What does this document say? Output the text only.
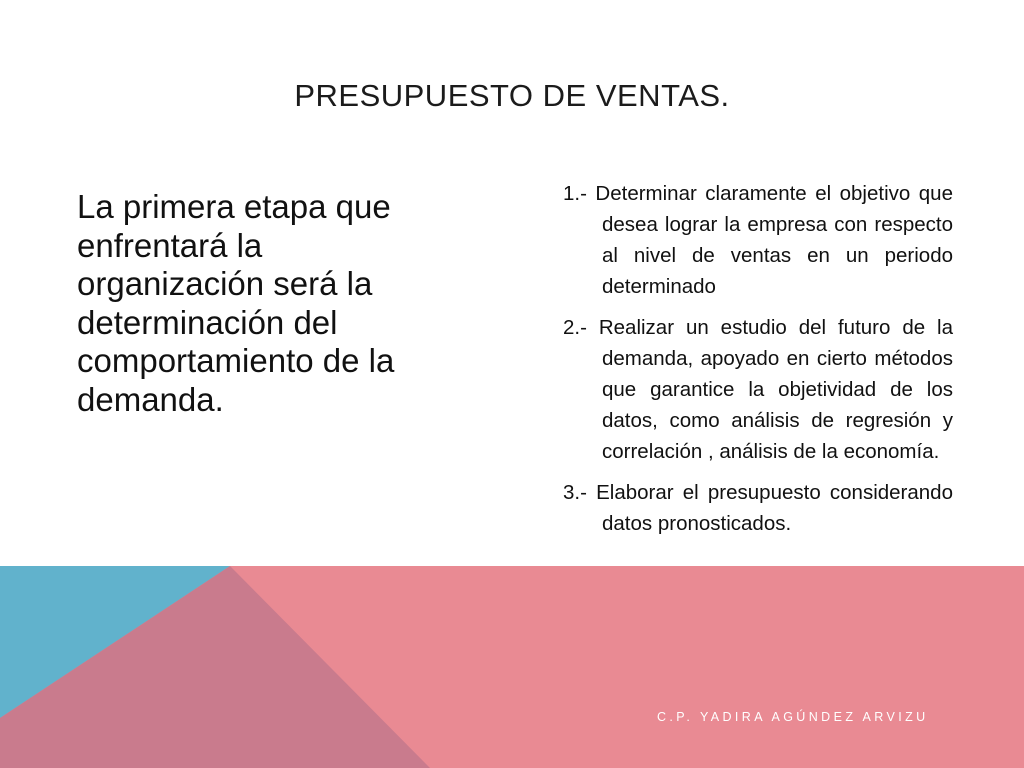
PRESUPUESTO DE VENTAS.

La primera etapa que enfrentará la organización será la determinación del comportamiento de la demanda.

1.- Determinar claramente el objetivo que desea lograr la empresa con respecto al nivel de ventas en un periodo determinado
2.- Realizar un estudio del futuro de la demanda, apoyado en cierto métodos que garantice la objetividad de los datos, como análisis de regresión y correlación , análisis de la economía.
3.- Elaborar el presupuesto considerando datos pronosticados.
C.P. YADIRA AGÚNDEZ ARVIZU
